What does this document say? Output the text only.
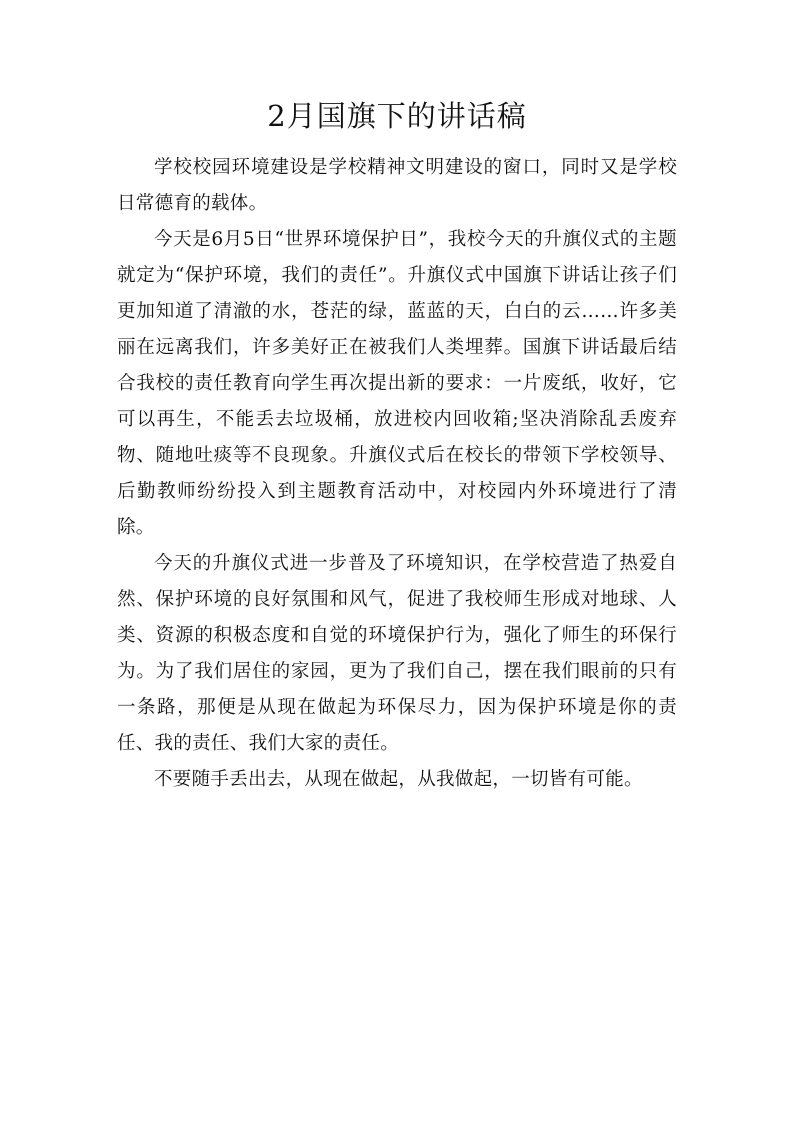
2月国旗下的讲话稿

学校校园环境建设是学校精神文明建设的窗口，同时又是学校日常德育的载体。

今天是6月5日“世界环境保护日”，我校今天的升旗仪式的主题就定为“保护环境，我们的责任”。升旗仪式中国旗下讲话让孩子们更加知道了清澈的水，苍茫的绿，蓝蓝的天，白白的云……许多美丽在远离我们，许多美好正在被我们人类埋葬。国旗下讲话最后结合我校的责任教育向学生再次提出新的要求：一片废纸，收好，它可以再生，不能丢去垃圾桶，放进校内回收箱;坚决消除乱丢废弃物、随地吐痰等不良现象。升旗仪式后在校长的带领下学校领导、后勤教师纷纷投入到主题教育活动中，对校园内外环境进行了清除。

今天的升旗仪式进一步普及了环境知识，在学校营造了热爱自然、保护环境的良好氛围和风气，促进了我校师生形成对地球、人类、资源的积极态度和自觉的环境保护行为，强化了师生的环保行为。为了我们居住的家园，更为了我们自己，摆在我们眼前的只有一条路，那便是从现在做起为环保尽力，因为保护环境是你的责任、我的责任、我们大家的责任。

不要随手丢出去，从现在做起，从我做起，一切皆有可能。
